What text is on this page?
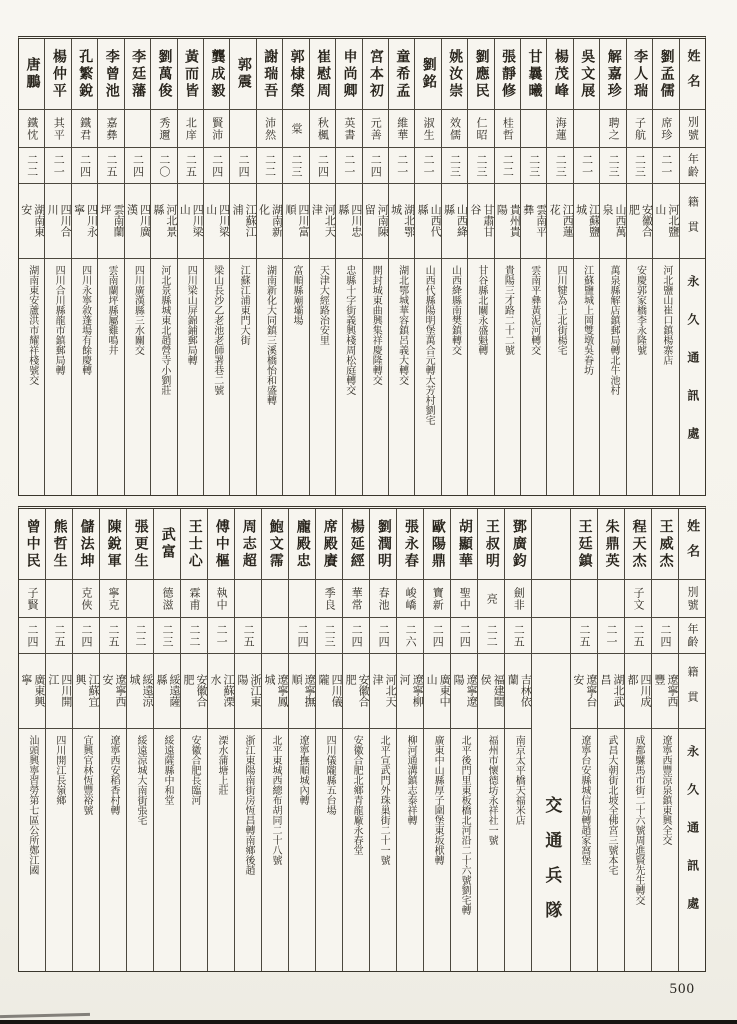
姓名
別號
年齡
籍貫
永久通訊處
劉孟儒
席珍
二一
河北鹽山
河北鹽山崔口鎮楊寨店
李人瑞
子航
二三
安徽合肥
安慶郭家橋李永隆號
解嘉珍
聘之
二三
山西萬泉
萬泉縣解店鎮郵局轉北牛池村
吳文展
二一
江蘇鹽城
江蘇鹽城上岡雙墩吳眷坊
楊茂峰
海蓮
二三
江西蓮花
四川犍為上北街楊宅
甘曩曦
二三
雲南平彝
雲南平彝黃泥河轉交
張靜修
桂哲
二二
貴州貴陽
貴陽三才路二十二號
劉應民
仁昭
二三
甘肅甘谷
甘谷縣北關永盛魁轉
姚汝崇
效儒
二三
山西絳縣
山西絳縣南樊鎮轉交
劉銘
淑生
二一
山西代縣
山西代縣陽明堡萬合元轉大芳村劉宅
童希孟
維華
二一
湖北鄂城
湖北鄂城華容鎮呂義大轉交
宮本初
元善
二四
河南陳留
開封城東曲興集祥慶隆轉交
申尚卿
英書
二一
四川忠縣
忠縣十字街義興棧周松庭轉交
崔慰周
秋楓
二四
河北天津
天津大經路治安里
郭棣榮
棠
二三
四川富順
富順縣廟壩場
謝瑞吾
沛然
二二
湖南新化
湖南新化大同鎮三溪橋怡和盛轉
郭震
二四
江蘇江浦
江蘇江浦東門大街
龔成毅
賢沛
二四
四川梁山
梁山長沙乙老池老師署巷二號
黃而皆
北庠
二五
四川梁山
四川梁山屏錦鋪郵局轉
劉萬俊
秀邇
二〇
河北景縣
河北景縣城東北趙營寺小劉莊
李廷藩
二四
四川廣漢
四川廣漢縣三水關交
李曾池
嘉彝
二五
雲南蘭坪
雲南蘭坪縣屬雞鳴井
孔繁銳
鐵君
二四
四川永寧
四川永寧敘蓬場有餘慶轉
楊仲平
其平
二一
四川合川
四川合川縣龍市鎮郵局轉
唐鵬
鐵忱
二二
湖南東安
湖南東安蘆洪市耀祥棧號交
姓名
別號
年齡
籍貫
永久通訊處
王威杰
二四
遼寧西豐
遼寧西豐涼泉鎮東興全交
程天杰
子文
二五
四川成都
成都騾馬市街二十六號周進賢先生轉交
朱鼎英
二一
湖北武昌
武昌大朝街北坡全佛宮三號本宅
王廷鎮
二五
遼寧台安
遼寧台安縣城信局轉趙家窩堡
交通兵隊
鄧廣鈞
劍非
二五
吉林依蘭
南京太平橋天福米店
王叔明
亮
二二
福建閩侯
福州市懷德坊永祥社一號
胡顯華
聖中
二四
遼寧遼陽
北平後門里東板橋北河沿二十六號劉宅轉
歐陽鼎
寶新
二四
廣東中山
廣東中山縣厚子圍堡東坂栿轉
張永春
峻嶠
二六
遼寧柳河
柳河通溝鎮志泰祥轉
劉潤明
春池
二四
河北天津
北平宣武門外珠巢街二十一號
楊延經
華常
二四
安徽合肥
安徽合肥北鄉青龍廠永春堂
席殿賡
季良
二三
四川儀隴
四川儀隴縣五台場
龐殿忠
二四
遼寧撫順
遼寧撫順城內轉
鮑文霈
遼寧鳳城
北平東城西總布胡同二十八號
周志超
二五
浙江東陽
浙江東陽南街房恆昌轉南鄉後趙
傅中樞
執中
二一
江蘇溧水
溧水蒲塘上莊
王士心
霖甫
二二
安徽合肥
安徽合肥長臨河
武富
德滋
二三
綏遠薩縣
綏遠薩縣中和堂
張更生
二二
綏遠涼城
綏遠涼城大南街張宅
陳銳軍
寧克
二五
遼寧西安
遼寧西安稻香村轉
儲法坤
克俠
二四
江蘇宜興
宜興官林恆豐裕號
熊哲生
二五
四川開江
四川開江長嶺鄉
曾中民
子賢
二四
廣東興寧
汕頭興寧習勞第七區公所鄭江國
500
